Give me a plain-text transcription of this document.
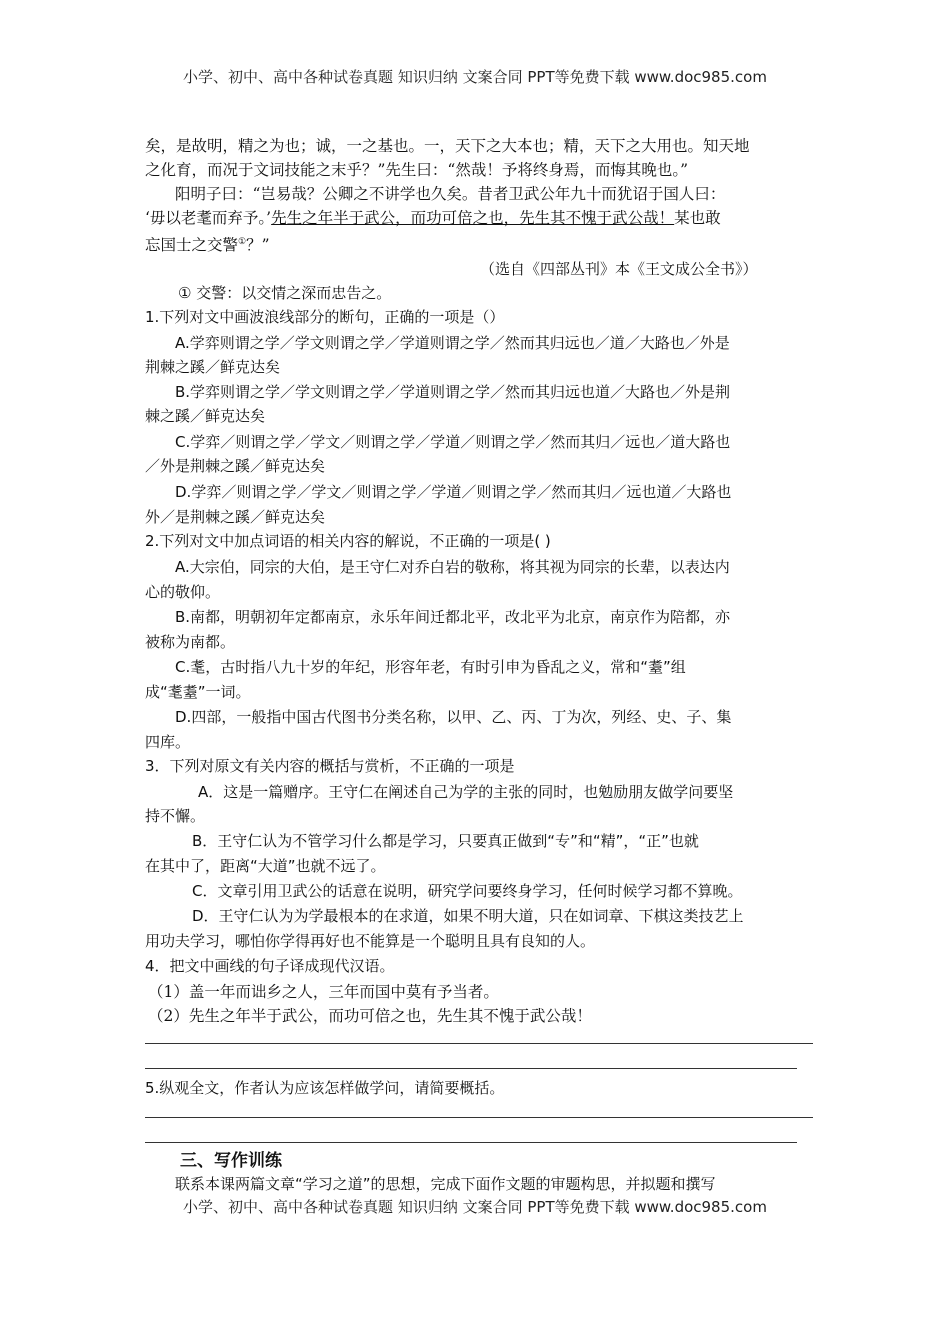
小学、初中、高中各种试卷真题 知识归纳 文案合同 PPT等免费下载 www.doc985.com
矣，是故明，精之为也；诚，一之基也。一，天下之大本也；精，天下之大用也。知天地
之化育，而况于文词技能之末乎？”先生曰：“然哉！予将终身焉，而悔其晚也。”
阳明子曰：“岂易哉？公卿之不讲学也久矣。昔者卫武公年九十而犹诏于国人曰：
‘毋以老耄而弃予。’先生之年半于武公，而功可倍之也，先生其不愧于武公哉！某也敢
忘国士之交警①？”
（选自《四部丛刊》本《王文成公全书》）
① 交警：以交情之深而忠告之。
1.下列对文中画波浪线部分的断句，正确的一项是（）
A.学弈则谓之学／学文则谓之学／学道则谓之学／然而其归远也／道／大路也／外是
荆棘之蹊／鲜克达矣
B.学弈则谓之学／学文则谓之学／学道则谓之学／然而其归远也道／大路也／外是荆
棘之蹊／鲜克达矣
C.学弈／则谓之学／学文／则谓之学／学道／则谓之学／然而其归／远也／道大路也
／外是荆棘之蹊／鲜克达矣
D.学弈／则谓之学／学文／则谓之学／学道／则谓之学／然而其归／远也道／大路也
外／是荆棘之蹊／鲜克达矣
2.下列对文中加点词语的相关内容的解说，不正确的一项是( )
A.大宗伯，同宗的大伯，是王守仁对乔白岩的敬称，将其视为同宗的长辈，以表达内
心的敬仰。
B.南都，明朝初年定都南京，永乐年间迁都北平，改北平为北京，南京作为陪都，亦
被称为南都。
C.耄，古时指八九十岁的年纪，形容年老，有时引申为昏乱之义，常和“耋”组
成“耄耋”一词。
D.四部，一般指中国古代图书分类名称，以甲、乙、丙、丁为次，列经、史、子、集
四库。
3．下列对原文有关内容的概括与赏析，不正确的一项是
A．这是一篇赠序。王守仁在阐述自己为学的主张的同时，也勉励朋友做学问要坚
持不懈。
B．王守仁认为不管学习什么都是学习，只要真正做到“专”和“精”，“正”也就
在其中了，距离“大道”也就不远了。
C．文章引用卫武公的话意在说明，研究学问要终身学习，任何时候学习都不算晚。
D．王守仁认为为学最根本的在求道，如果不明大道，只在如词章、下棋这类技艺上
用功夫学习，哪怕你学得再好也不能算是一个聪明且具有良知的人。
4．把文中画线的句子译成现代汉语。
（1）盖一年而诎乡之人，三年而国中莫有予当者。
（2）先生之年半于武公，而功可倍之也，先生其不愧于武公哉！
5.纵观全文，作者认为应该怎样做学问，请简要概括。
三、写作训练
联系本课两篇文章“学习之道”的思想，完成下面作文题的审题构思，并拟题和撰写
小学、初中、高中各种试卷真题 知识归纳 文案合同 PPT等免费下载 www.doc985.com
